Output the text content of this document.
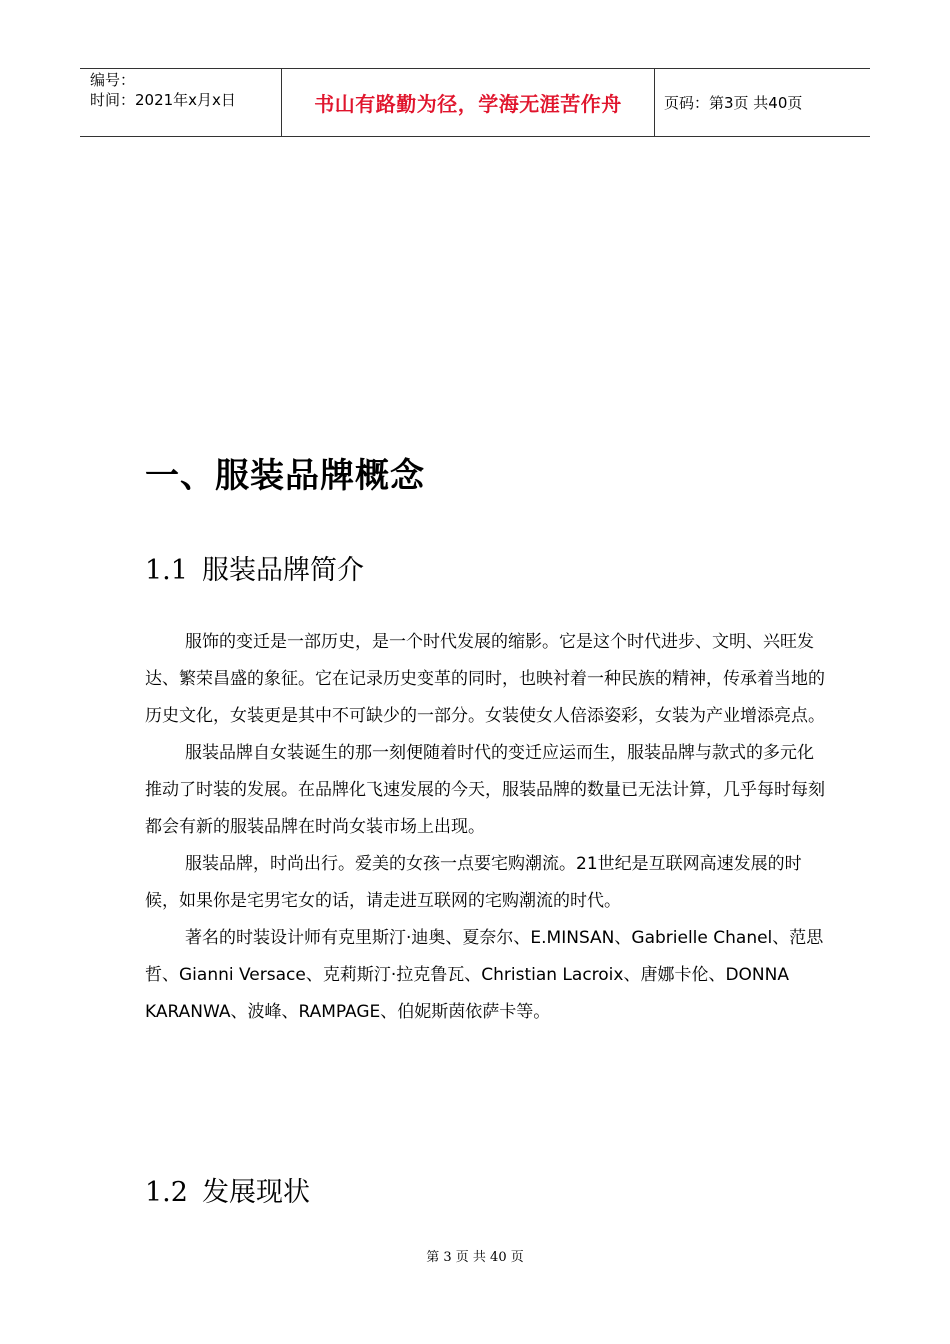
编号：
时间：2021年x月x日	书山有路勤为径，学海无涯苦作舟	页码：第3页 共40页
一、服装品牌概念
1.1 服装品牌简介

服饰的变迁是一部历史，是一个时代发展的缩影。它是这个时代进步、文明、兴旺发达、繁荣昌盛的象征。它在记录历史变革的同时，也映衬着一种民族的精神，传承着当地的历史文化，女装更是其中不可缺少的一部分。女装使女人倍添姿彩，女装为产业增添亮点。

服装品牌自女装诞生的那一刻便随着时代的变迁应运而生，服装品牌与款式的多元化推动了时装的发展。在品牌化飞速发展的今天，服装品牌的数量已无法计算，几乎每时每刻都会有新的服装品牌在时尚女装市场上出现。

服装品牌，时尚出行。爱美的女孩一点要宅购潮流。21世纪是互联网高速发展的时候，如果你是宅男宅女的话，请走进互联网的宅购潮流的时代。

著名的时装设计师有克里斯汀·迪奥、夏奈尔、E.MINSAN、Gabrielle Chanel、范思哲、Gianni Versace、克莉斯汀·拉克鲁瓦、Christian Lacroix、唐娜卡伦、DONNA KARANWA、波峰、RAMPAGE、伯妮斯茵依萨卡等。

1.2 发展现状
第 3 页 共 40 页
